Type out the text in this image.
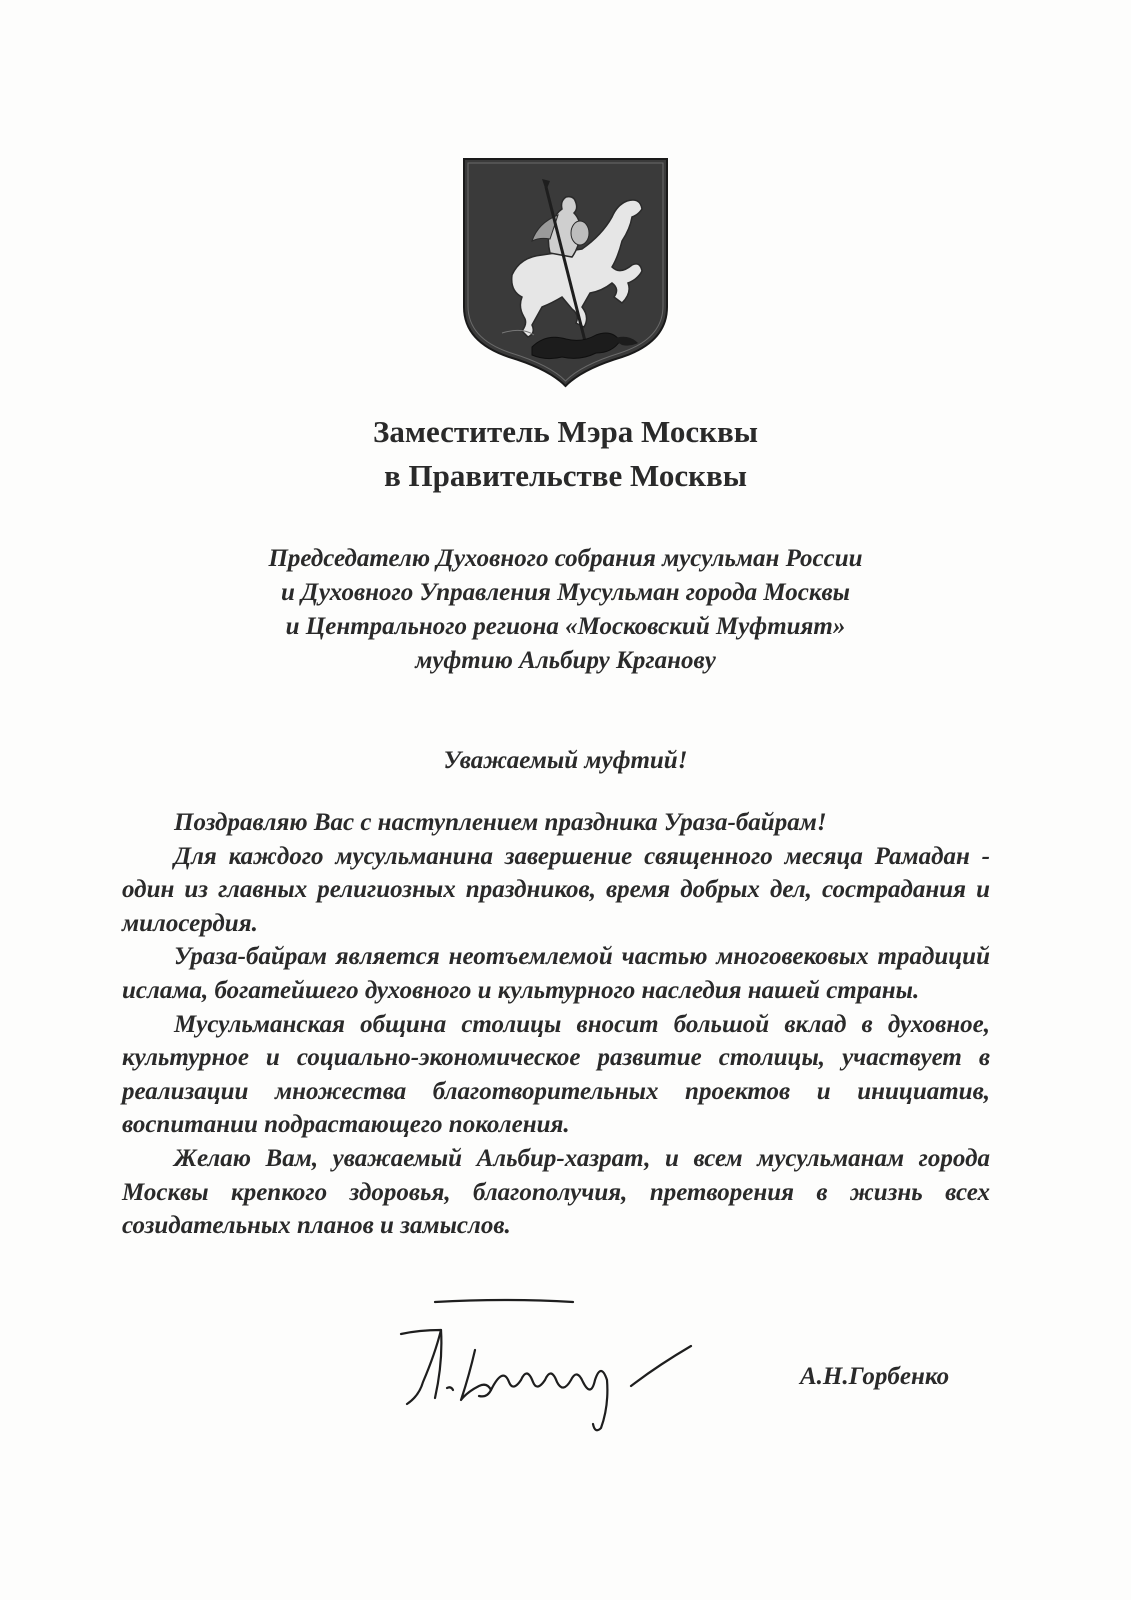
Заместитель Мэра Москвы
в Правительстве Москвы
Председателю Духовного собрания мусульман России
и Духовного Управления Мусульман города Москвы
и Центрального региона «Московский Муфтият»
муфтию Альбиру Крганову
Уважаемый муфтий!

Поздравляю Вас с наступлением праздника Ураза-байрам!

Для каждого мусульманина завершение священного месяца Рамадан - один из главных религиозных праздников, время добрых дел, сострадания и милосердия.

Ураза-байрам является неотъемлемой частью многовековых традиций ислама, богатейшего духовного и культурного наследия нашей страны.

Мусульманская община столицы вносит большой вклад в духовное, культурное и социально-экономическое развитие столицы, участвует в реализации множества благотворительных проектов и инициатив, воспитании подрастающего поколения.

Желаю Вам, уважаемый Альбир-хазрат, и всем мусульманам города Москвы крепкого здоровья, благополучия, претворения в жизнь всех созидательных планов и замыслов.

А.Н.Горбенко
